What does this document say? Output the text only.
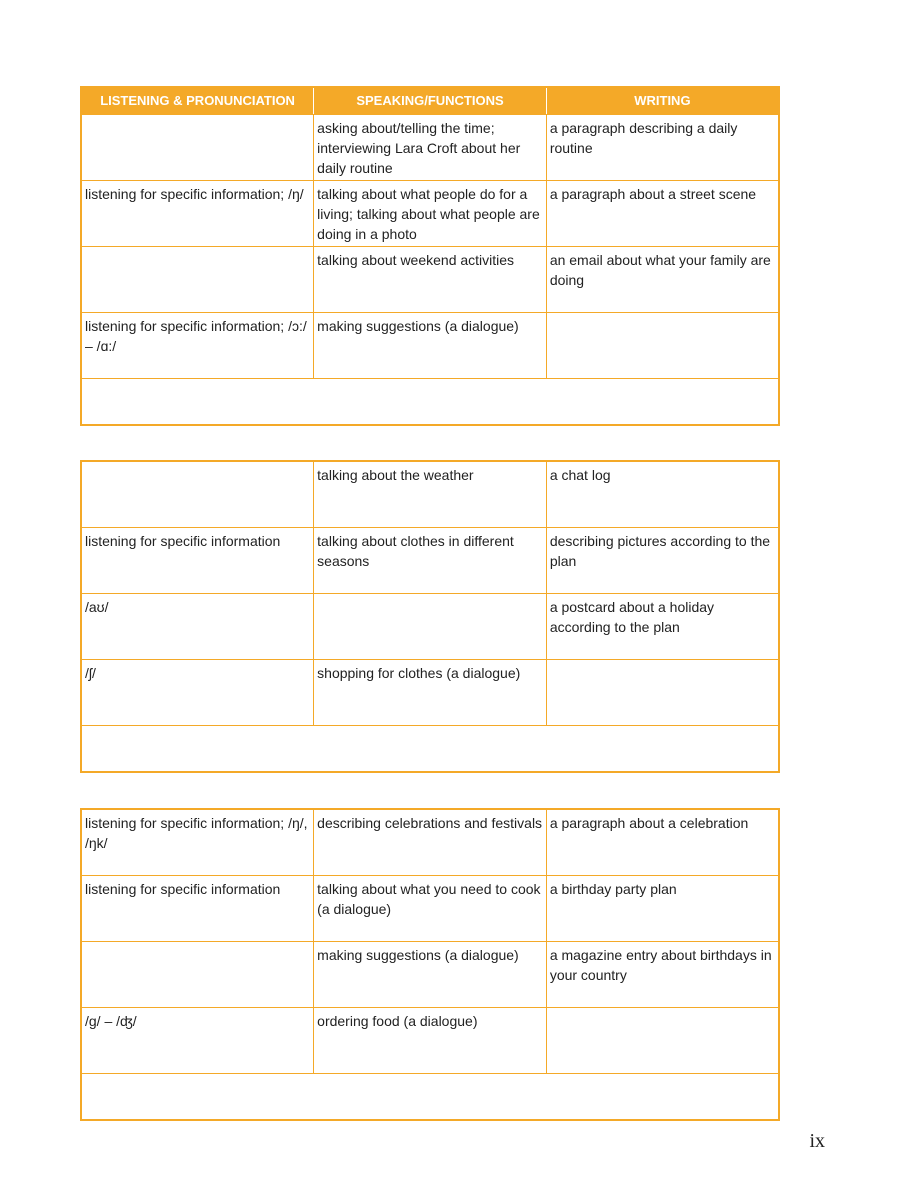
LISTENING & PRONUNCIATION	SPEAKING/FUNCTIONS	WRITING
	asking about/telling the time; interviewing Lara Croft about her daily routine	a paragraph describing a daily routine
listening for specific information; /ŋ/	talking about what people do for a living; talking about what people are doing in a photo	a paragraph about a street scene
	talking about weekend activities	an email about what your family are doing
listening for specific information; /ɔ:/ – /ɑ:/	making suggestions (a dialogue)	

	talking about the weather	a chat log
listening for specific information	talking about clothes in different seasons	describing pictures according to the plan
/aʊ/		a postcard about a holiday according to the plan
/ʃ/	shopping for clothes (a dialogue)	

listening for specific information; /ŋ/, /ŋk/	describing celebrations and festivals	a paragraph about a celebration
listening for specific information	talking about what you need to cook (a dialogue)	a birthday party plan
	making suggestions (a dialogue)	a magazine entry about birthdays in your country
/g/ – /ʤ/	ordering food (a dialogue)	

ix
